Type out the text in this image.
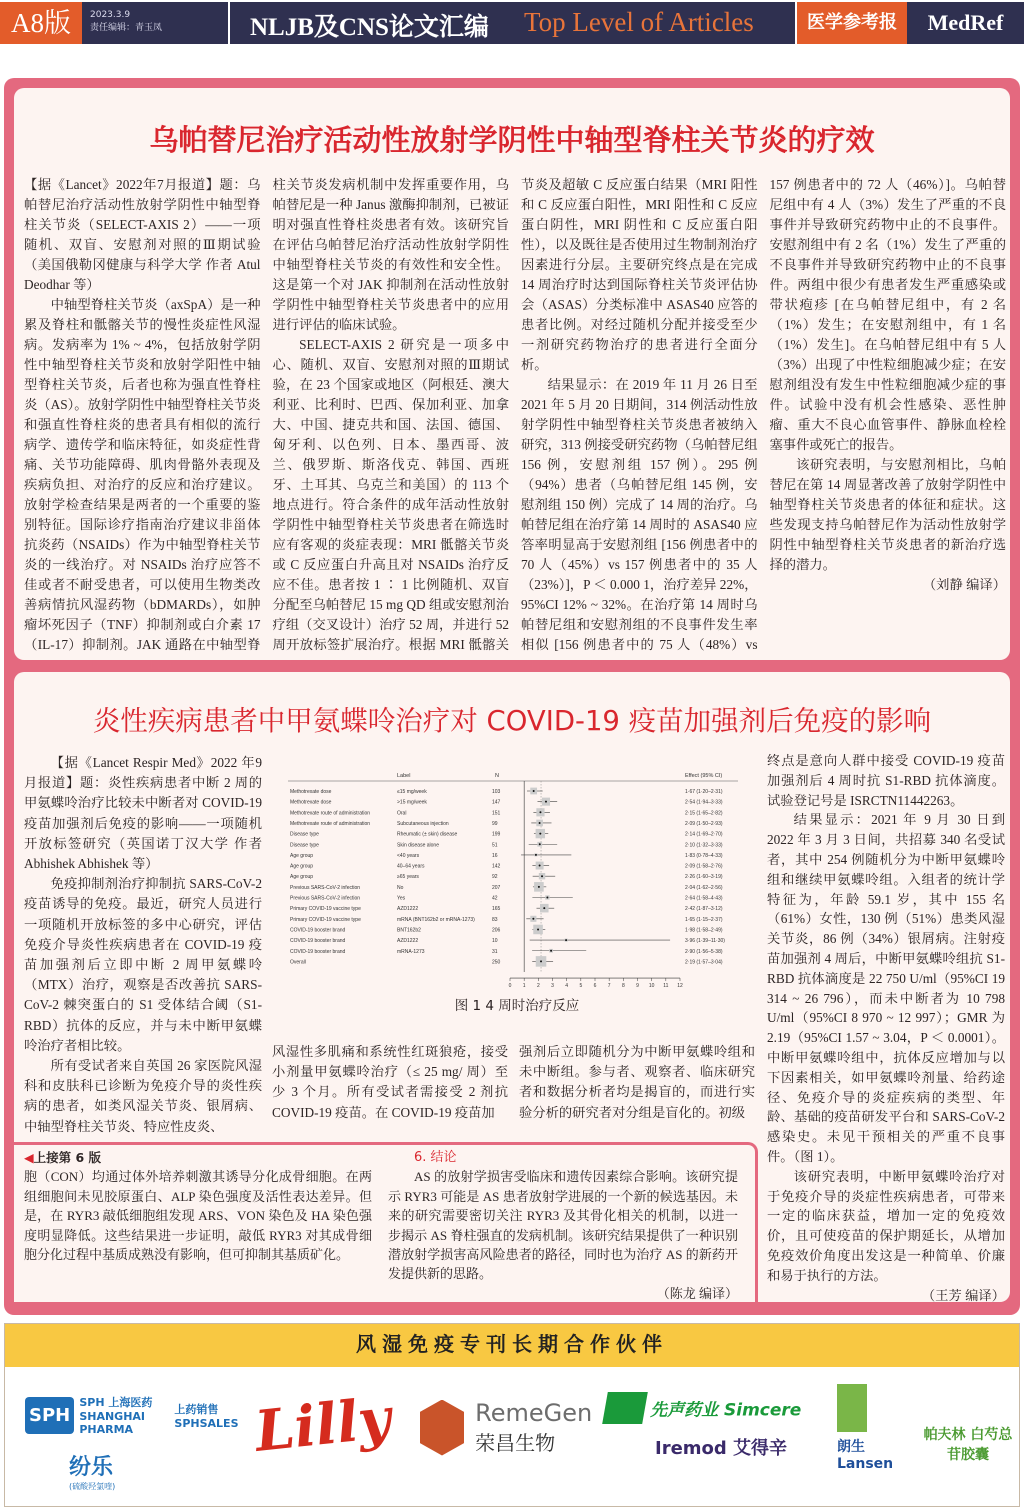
A8版	2023.3.9
责任编辑：青玉凤	NLJB及CNS论文汇编 Top Level of Articles	医学参考报	MedRef
乌帕替尼治疗活动性放射学阴性中轴型脊柱关节炎的疗效

【据《Lancet》2022年7月报道】题：乌帕替尼治疗活动性放射学阴性中轴型脊柱关节炎（SELECT-AXIS 2）——一项随机、双盲、安慰剂对照的Ⅲ期试验（美国俄勒冈健康与科学大学 作者 Atul Deodhar 等）

中轴型脊柱关节炎（axSpA）是一种累及脊柱和骶髂关节的慢性炎症性风湿病。发病率为 1% ~ 4%，包括放射学阴性中轴型脊柱关节炎和放射学阳性中轴型脊柱关节炎，后者也称为强直性脊柱炎（AS）。放射学阴性中轴型脊柱关节炎和强直性脊柱炎的患者具有相似的流行病学、遗传学和临床特征，如炎症性背痛、关节功能障碍、肌肉骨骼外表现及疾病负担、对治疗的反应和治疗建议。放射学检查结果是两者的一个重要的鉴别特征。国际诊疗指南治疗建议非甾体抗炎药（NSAIDs）作为中轴型脊柱关节炎的一线治疗。对 NSAIDs 治疗应答不佳或者不耐受患者，可以使用生物类改善病情抗风湿药物（bDMARDs），如肿瘤坏死因子（TNF）抑制剂或白介素 17（IL-17）抑制剂。JAK 通路在中轴型脊柱关节炎发病机制中发挥重要作用，乌帕替尼是一种 Janus 激酶抑制剂，已被证明对强直性脊柱炎患者有效。该研究旨在评估乌帕替尼治疗活动性放射学阴性中轴型脊柱关节炎的有效性和安全性。这是第一个对 JAK 抑制剂在活动性放射学阴性中轴型脊柱关节炎患者中的应用进行评估的临床试验。

SELECT-AXIS 2 研究是一项多中心、随机、双盲、安慰剂对照的Ⅲ期试验，在 23 个国家或地区（阿根廷、澳大利亚、比利时、巴西、保加利亚、加拿大、中国、捷克共和国、法国、德国、匈牙利、以色列、日本、墨西哥、波兰、俄罗斯、斯洛伐克、韩国、西班牙、土耳其、乌克兰和美国）的 113 个地点进行。符合条件的成年活动性放射学阴性中轴型脊柱关节炎患者在筛选时应有客观的炎症表现：MRI 骶髂关节炎或 C 反应蛋白升高且对 NSAIDs 治疗反应不佳。患者按 1 ∶ 1 比例随机、双盲分配至乌帕替尼 15 mg QD 组或安慰剂治疗组（交叉设计）治疗 52 周，并进行 52 周开放标签扩展治疗。根据 MRI 骶髂关节炎及超敏 C 反应蛋白结果（MRI 阳性和 C 反应蛋白阳性，MRI 阳性和 C 反应蛋白阴性，MRI 阴性和 C 反应蛋白阳性），以及既往是否使用过生物制剂治疗因素进行分层。主要研究终点是在完成 14 周治疗时达到国际脊柱关节炎评估协会（ASAS）分类标准中 ASAS40 应答的患者比例。对经过随机分配并接受至少一剂研究药物治疗的患者进行全面分析。

结果显示：在 2019 年 11 月 26 日至 2021 年 5 月 20 日期间，314 例活动性放射学阴性中轴型脊柱关节炎患者被纳入研究，313 例接受研究药物（乌帕替尼组 156 例，安慰剂组 157 例）。295 例（94%）患者（乌帕替尼组 145 例，安慰剂组 150 例）完成了 14 周的治疗。乌帕替尼组在治疗第 14 周时的 ASAS40 应答率明显高于安慰剂组 [156 例患者中的 70 人（45%）vs 157 例患者中的 35 人（23%）]，P ＜ 0.000 1，治疗差异 22%，95%CI 12% ~ 32%。在治疗第 14 周时乌帕替尼组和安慰剂组的不良事件发生率相似 [156 例患者中的 75 人（48%）vs 157 例患者中的 72 人（46%）]。乌帕替尼组中有 4 人（3%）发生了严重的不良事件并导致研究药物中止的不良事件。安慰剂组中有 2 名（1%）发生了严重的不良事件并导致研究药物中止的不良事件。两组中很少有患者发生严重感染或带状疱疹 [在乌帕替尼组中，有 2 名（1%）发生；在安慰剂组中，有 1 名（1%）发生]。在乌帕替尼组中有 5 人（3%）出现了中性粒细胞减少症；在安慰剂组没有发生中性粒细胞减少症的事件。试验中没有机会性感染、恶性肿瘤、重大不良心血管事件、静脉血栓栓塞事件或死亡的报告。

该研究表明，与安慰剂相比，乌帕替尼在第 14 周显著改善了放射学阴性中轴型脊柱关节炎患者的体征和症状。这些发现支持乌帕替尼作为活动性放射学阴性中轴型脊柱关节炎患者的新治疗选择的潜力。

（刘静 编译）
炎性疾病患者中甲氨蝶呤治疗对 COVID-19 疫苗加强剂后免疫的影响

【据《Lancet Respir Med》2022 年9月报道】题：炎性疾病患者中断 2 周的甲氨蝶呤治疗比较未中断者对 COVID-19 疫苗加强剂后免疫的影响——一项随机开放标签研究（英国诺丁汉大学 作者 Abhishek Abhishek 等）

免疫抑制剂治疗抑制抗 SARS-CoV-2 疫苗诱导的免疫。最近，研究人员进行一项随机开放标签的多中心研究，评估免疫介导炎性疾病患者在 COVID-19 疫苗加强剂后立即中断 2 周甲氨蝶呤（MTX）治疗，观察是否改善抗 SARS-CoV-2 棘突蛋白的 S1 受体结合阈（S1-RBD）抗体的反应，并与未中断甲氨蝶呤治疗者相比较。

所有受试者来自英国 26 家医院风湿科和皮肤科已诊断为免疫介导的炎性疾病的患者，如类风湿关节炎、银屑病、中轴型脊柱关节炎、特应性皮炎、

Label	N	Effect (95% CI)
Methotrexate dose	≤15 mg/week	103	1·67 (1·20–2·31)
Methotrexate dose	>15 mg/week	147	2·54 (1·94–3·33)
Methotrexate route of administration	Oral	151	2·15 (1·65–2·82)
Methotrexate route of administration	Subcutaneous injection	99	2·09 (1·50–2·93)
Disease type	Rheumatic (± skin) disease	199	2·14 (1·69–2·70)
Disease type	Skin disease alone	51	2·10 (1·32–3·33)
Age group	<40 years	16	1·83 (0·78–4·33)
Age group	40–64 years	142	2·09 (1·58–2·76)
Age group	≥65 years	92	2·26 (1·60–3·19)
Previous SARS-CoV-2 infection	No	207	2·04 (1·62–2·56)
Previous SARS-CoV-2 infection	Yes	42	2·64 (1·58–4·43)
Primary COVID-19 vaccine type	AZD1222	165	2·42 (1·87–3·12)
Primary COVID-19 vaccine type	mRNA (BNT162b2 or mRNA-1273)	83	1·65 (1·15–2·37)
COVID-19 booster brand	BNT162b2	206	1·98 (1·58–2·49)
COVID-19 booster brand	AZD1222	10	3·96 (1·39–11·30)
COVID-19 booster brand	mRNA-1273	31	2·90 (1·56–5·38)
Overall	250	2·19 (1·57–3·04)
0 1 2 3 4 5 6 7 8 9 10 11 12
图 1 4 周时治疗反应

风湿性多肌痛和系统性红斑狼疮，接受小剂量甲氨蝶呤治疗（≤ 25 mg/ 周）至少 3 个月。所有受试者需接受 2 剂抗 COVID-19 疫苗。在 COVID-19 疫苗加

强剂后立即随机分为中断甲氨蝶呤组和未中断组。参与者、观察者、临床研究者和数据分析者均是揭盲的，而进行实验分析的研究者对分组是盲化的。初级

终点是意向人群中接受 COVID-19 疫苗加强剂后 4 周时抗 S1-RBD 抗体滴度。试验登记号是 ISRCTN11442263。

结果显示：2021 年 9 月 30 日到 2022 年 3 月 3 日间，共招募 340 名受试者，其中 254 例随机分为中断甲氨蝶呤组和继续甲氨蝶呤组。入组者的统计学特征为，年龄 59.1 岁，其中 155 名（61%）女性，130 例（51%）患类风湿关节炎，86 例（34%）银屑病。注射疫苗加强剂 4 周后，中断甲氨蝶呤组抗 S1-RBD 抗体滴度是 22 750 U/ml（95%CI 19 314 ~ 26 796），而未中断者为 10 798 U/ml（95%CI 8 970 ~ 12 997）；GMR 为 2.19（95%CI 1.57 ~ 3.04，P ＜ 0.0001）。中断甲氨蝶呤组中，抗体反应增加与以下因素相关，如甲氨蝶呤剂量、给药途径、免疫介导的炎症疾病的类型、年龄、基础的疫苗研发平台和 SARS-CoV-2 感染史。未见干预相关的严重不良事件。（图 1）。

该研究表明，中断甲氨蝶呤治疗对于免疫介导的炎症性疾病患者，可带来一定的临床获益，增加一定的免疫效价，且可使疫苗的保护期延长，从增加免疫效价角度出发这是一种简单、价廉和易于执行的方法。

（王芳 编译）
◀上接第 6 版

胞（CON）均通过体外培养刺激其诱导分化成骨细胞。在两组细胞间未见胶原蛋白、ALP 染色强度及活性表达差异。但是，在 RYR3 敲低细胞组发现 ARS、VON 染色及 HA 染色强度明显降低。这些结果进一步证明，敲低 RYR3 对其成骨细胞分化过程中基质成熟没有影响，但可抑制其基质矿化。

6. 结论

AS 的放射学损害受临床和遗传因素综合影响。该研究提示 RYR3 可能是 AS 患者放射学进展的一个新的候选基因。未来的研究需要密切关注 RYR3 及其骨化相关的机制，以进一步揭示 AS 脊柱强直的发病机制。该研究结果提供了一种识别潜放射学损害高风险患者的路径，同时也为治疗 AS 的新药开发提供新的思路。

（陈龙 编译）
风湿免疫专刊长期合作伙伴
SPH SPH 上海医药 SHANGHAI PHARMA 上药销售 SPHSALES
纷乐
(硫酸羟氯喹)
Lilly
	RemeGen
荣昌生物
先声药业 Simcere
Iremod 艾得辛	朗生 Lansen
帕夫林 白芍总苷胶囊
